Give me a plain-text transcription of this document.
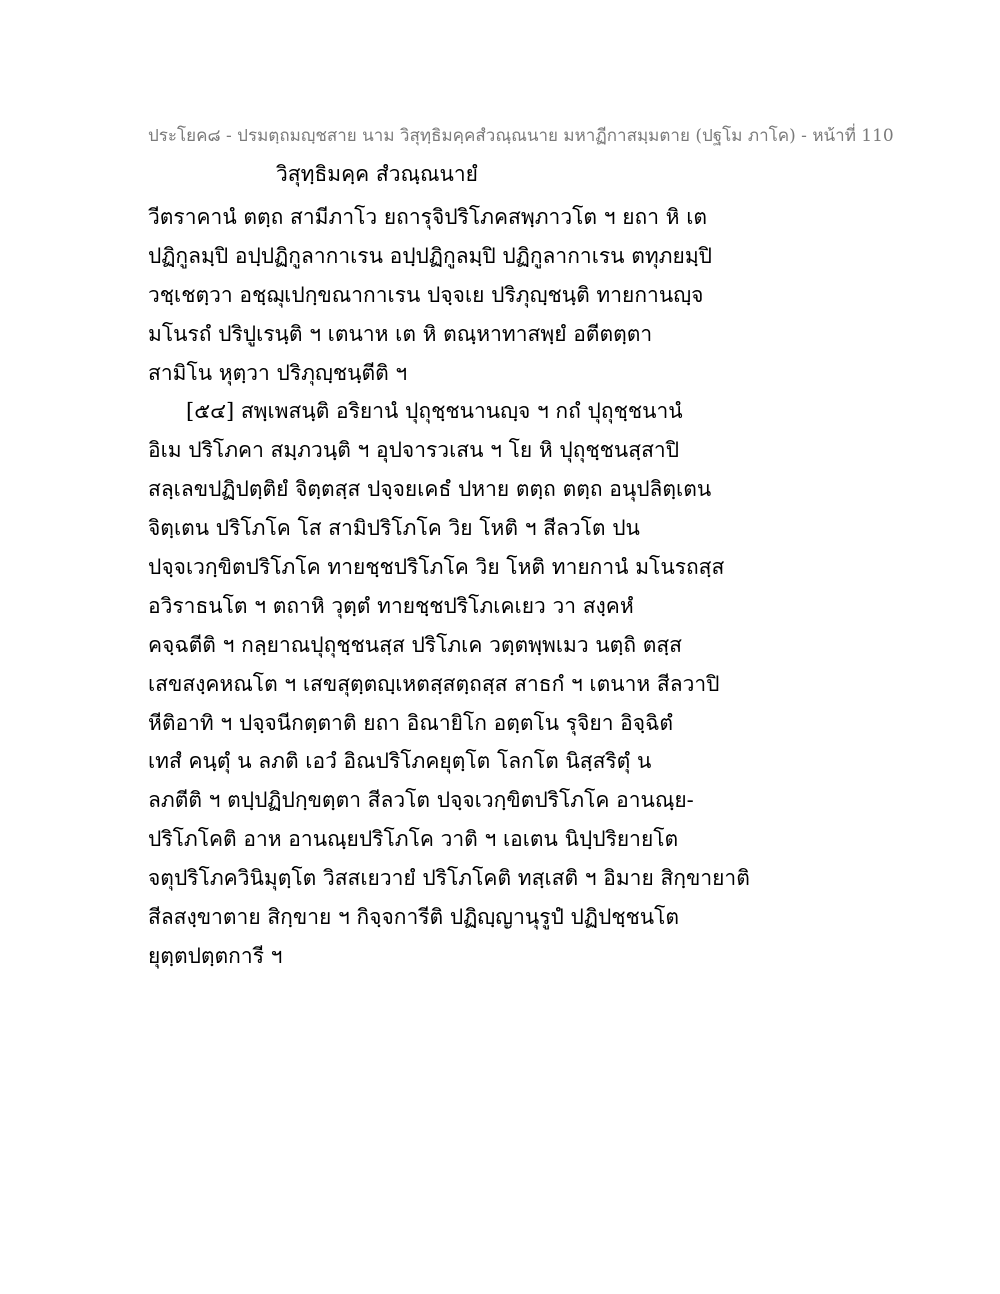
ประโยค๘ - ปรมตฺถมญฺชสาย นาม วิสุทฺธิมคฺคสํวณฺณนาย มหาฏีกาสมฺมตาย (ปฐโม ภาโค) - หน้าที่ 110
วิสุทฺธิมคฺค สํวณฺณนายํ
วีตราคานํ ตตฺถ สามีภาโว ยถารุจิปริโภคสพฺภาวโต ฯ ยถา หิ เต
ปฏิกูลมฺปิ อปฺปฏิกูลากาเรน อปฺปฏิกูลมฺปิ ปฏิกูลากาเรน ตทุภยมฺปิ
วชฺเชตฺวา อชฺฌุเปกฺขณากาเรน ปจฺจเย ปริภุญฺชนฺติ ทายกานญฺจ
มโนรถํ ปริปูเรนฺติ ฯ เตนาห เต หิ ตณฺหาทาสพฺยํ อตีตตฺตา
สามิโน หุตฺวา ปริภุญฺชนฺตีติ ฯ
[๕๔] สพฺเพสนฺติ อริยานํ ปุถุชฺชนานญฺจ ฯ กถํ ปุถุชฺชนานํ
อิเม ปริโภคา สมฺภวนฺติ ฯ อุปจารวเสน ฯ โย หิ ปุถุชฺชนสฺสาปิ
สลฺเลขปฏิปตฺติยํ จิตฺตสฺส ปจฺจยเคธํ ปหาย ตตฺถ ตตฺถ อนุปลิตฺเตน
จิตฺเตน ปริโภโค โส สามิปริโภโค วิย โหติ ฯ สีลวโต ปน
ปจฺจเวกฺขิตปริโภโค ทายชฺชปริโภโค วิย โหติ ทายกานํ มโนรถสฺส
อวิราธนโต ฯ ตถาหิ วุตฺตํ ทายชฺชปริโภเคเยว วา สงฺคหํ
คจฺฉตีติ ฯ กลฺยาณปุถุชฺชนสฺส ปริโภเค วตฺตพฺพเมว นตฺถิ ตสฺส
เสขสงฺคหณโต ฯ เสขสุตฺตญฺเหตสฺสตฺถสฺส สาธกํ ฯ เตนาห สีลวาปิ
หีติอาทิ ฯ ปจฺจนีกตฺตาติ ยถา อิณายิโก อตฺตโน รุจิยา อิจฺฉิตํ
เทสํ คนฺตุํ น ลภติ เอวํ อิณปริโภคยุตฺโต โลกโต นิสฺสริตุํ น
ลภตีติ ฯ ตปฺปฏิปกฺขตฺตา สีลวโต ปจฺจเวกฺขิตปริโภโค อานณฺย-
ปริโภโคติ อาห อานณฺยปริโภโค วาติ ฯ เอเตน นิปฺปริยายโต
จตุปริโภควินิมุตฺโต วิสสเยวายํ ปริโภโคติ ทสฺเสติ ฯ อิมาย สิกฺขายาติ
สีลสงฺขาตาย สิกฺขาย ฯ กิจฺจการีติ ปฏิญฺญานุรูปํ ปฏิปชฺชนโต
ยุตฺตปตฺตการี ฯ
